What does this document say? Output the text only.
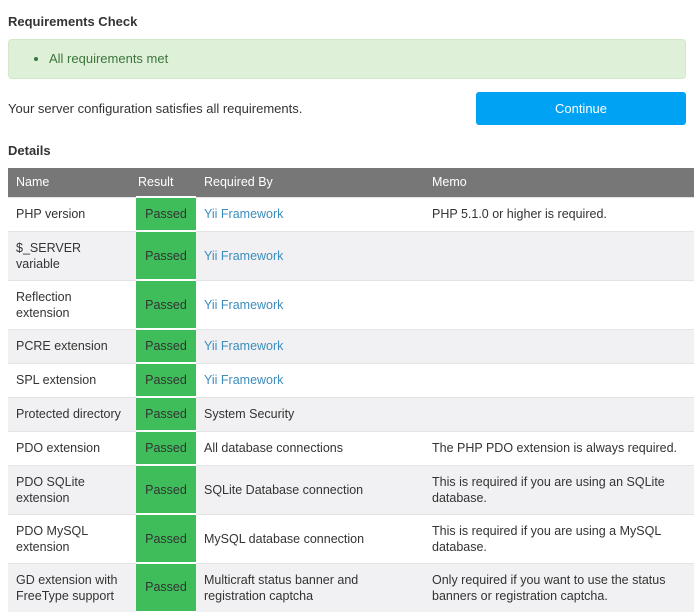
Requirements Check
• All requirements met
Your server configuration satisfies all requirements.	Continue
Details
Name	Result	Required By	Memo
PHP version	Passed	Yii Framework	PHP 5.1.0 or higher is required.
$_SERVER variable	Passed	Yii Framework	
Reflection extension	Passed	Yii Framework	
PCRE extension	Passed	Yii Framework	
SPL extension	Passed	Yii Framework	
Protected directory	Passed	System Security	
PDO extension	Passed	All database connections	The PHP PDO extension is always required.
PDO SQLite extension	Passed	SQLite Database connection	This is required if you are using an SQLite database.
PDO MySQL extension	Passed	MySQL database connection	This is required if you are using a MySQL database.
GD extension with FreeType support	Passed	Multicraft status banner and registration captcha	Only required if you want to use the status banners or registration captcha.
